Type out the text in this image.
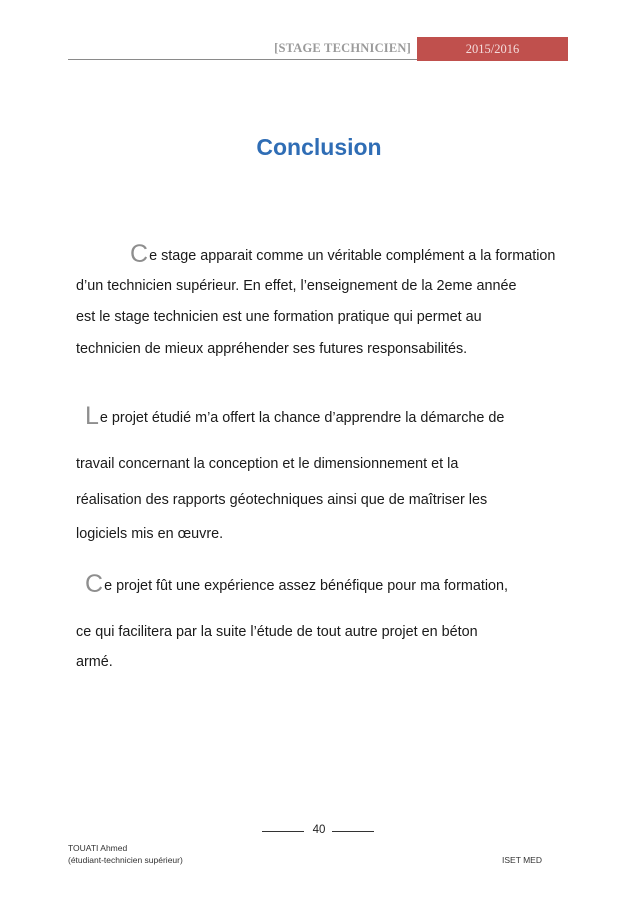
[STAGE TECHNICIEN]	2015/2016
Conclusion
Ce stage apparait comme un véritable complément a la formation
d’un technicien supérieur. En effet, l’enseignement de la 2eme année
est le stage technicien est une formation pratique qui permet au
technicien de mieux appréhender ses futures responsabilités.
Le projet étudié m’a offert la chance d’apprendre la démarche de
travail concernant la conception et le dimensionnement et la
réalisation des rapports géotechniques ainsi que de maîtriser les
logiciels mis en œuvre.
Ce projet fût une expérience assez bénéfique pour ma formation,
ce qui facilitera par la suite l’étude de tout autre projet en béton
armé.
40
TOUATI Ahmed
(étudiant-technicien supérieur)	ISET MED
